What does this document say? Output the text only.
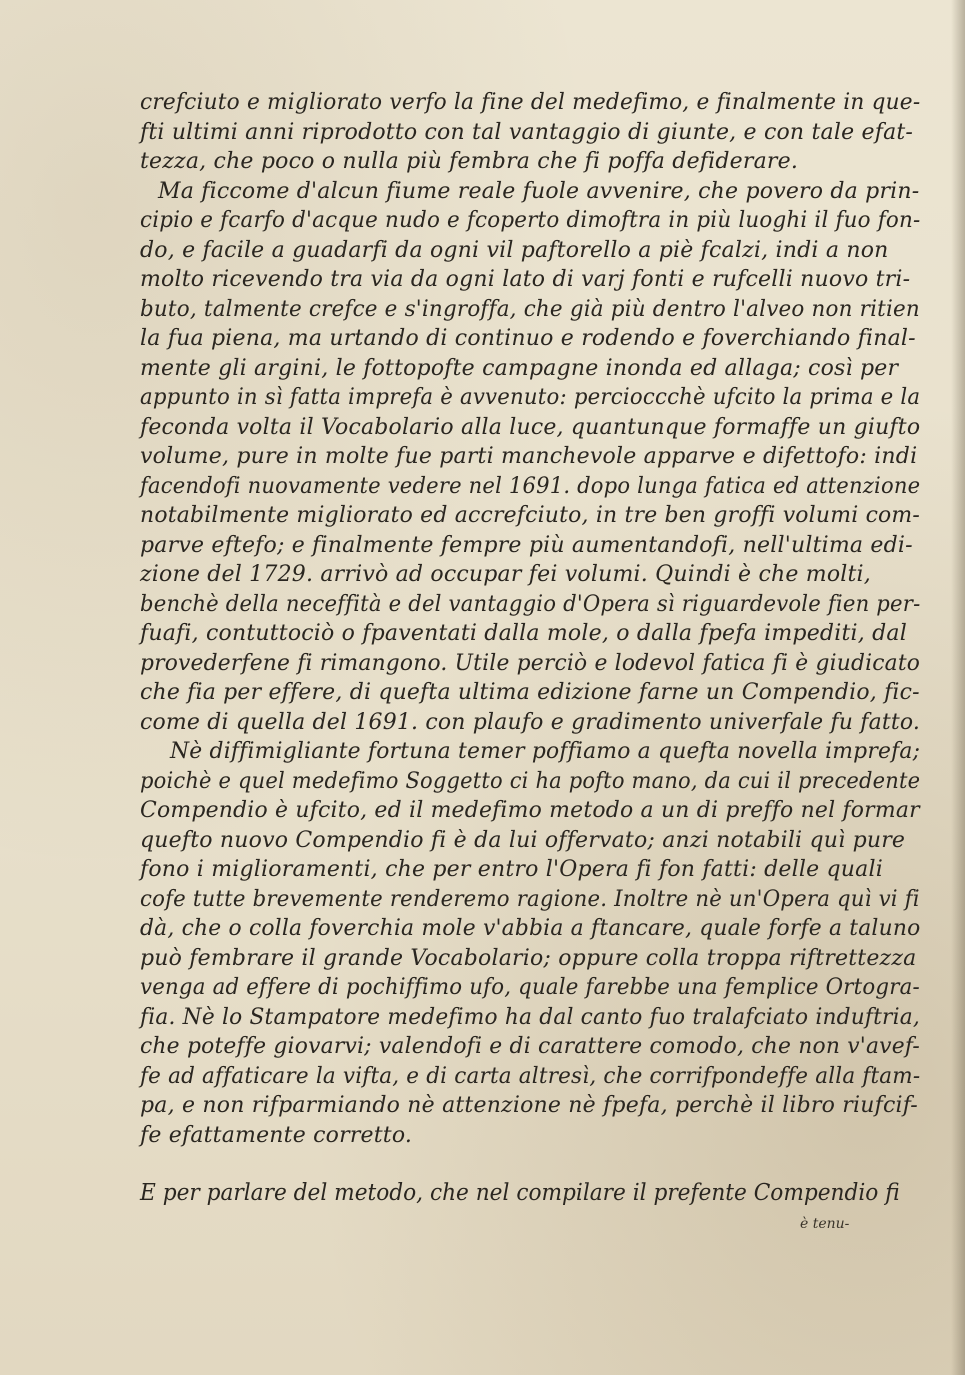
crefciuto e migliorato verfo la fine del medefimo, e finalmente in que-
fti ultimi anni riprodotto con tal vantaggio di giunte, e con tale efat-
tezza, che poco o nulla più fembra che fi poffa defiderare.
Ma ficcome d'alcun fiume reale fuole avvenire, che povero da prin-
cipio e fcarfo d'acque nudo e fcoperto dimoftra in più luoghi il fuo fon-
do, e facile a guadarfi da ogni vil paftorello a piè fcalzi, indi a non
molto ricevendo tra via da ogni lato di varj fonti e rufcelli nuovo tri-
buto, talmente crefce e s'ingroffa, che già più dentro l'alveo non ritien
la fua piena, ma urtando di continuo e rodendo e foverchiando final-
mente gli argini, le fottopofte campagne inonda ed allaga; così per
appunto in sì fatta imprefa è avvenuto: percioccchè ufcito la prima e la
feconda volta il Vocabolario alla luce, quantunque formaffe un giufto
volume, pure in molte fue parti manchevole apparve e difettofo: indi
facendofi nuovamente vedere nel 1691. dopo lunga fatica ed attenzione
notabilmente migliorato ed accrefciuto, in tre ben groffi volumi com-
parve eftefo; e finalmente fempre più aumentandofi, nell'ultima edi-
zione del 1729. arrivò ad occupar fei volumi. Quindi è che molti,
benchè della neceffità e del vantaggio d'Opera sì riguardevole fien per-
fuafi, contuttociò o fpaventati dalla mole, o dalla fpefa impediti, dal
provederfene fi rimangono. Utile perciò e lodevol fatica fi è giudicato
che fia per effere, di quefta ultima edizione farne un Compendio, fic-
come di quella del 1691. con plaufo e gradimento univerfale fu fatto.
Nè diffimigliante fortuna temer poffiamo a quefta novella imprefa;
poichè e quel medefimo Soggetto ci ha pofto mano, da cui il precedente
Compendio è ufcito, ed il medefimo metodo a un di preffo nel formar
quefto nuovo Compendio fi è da lui offervato; anzi notabili quì pure
fono i miglioramenti, che per entro l'Opera fi fon fatti: delle quali
cofe tutte brevemente renderemo ragione. Inoltre nè un'Opera quì vi fi
dà, che o colla foverchia mole v'abbia a ftancare, quale forfe a taluno
può fembrare il grande Vocabolario; oppure colla troppa riftrettezza
venga ad effere di pochiffimo ufo, quale farebbe una femplice Ortogra-
fia. Nè lo Stampatore medefimo ha dal canto fuo tralafciato induftria,
che poteffe giovarvi; valendofi e di carattere comodo, che non v'avef-
fe ad affaticare la vifta, e di carta altresì, che corrifpondeffe alla ftam-
pa, e non rifparmiando nè attenzione nè fpefa, perchè il libro riufcif-
fe efattamente corretto.
E per parlare del metodo, che nel compilare il prefente Compendio fi
è tenu-
